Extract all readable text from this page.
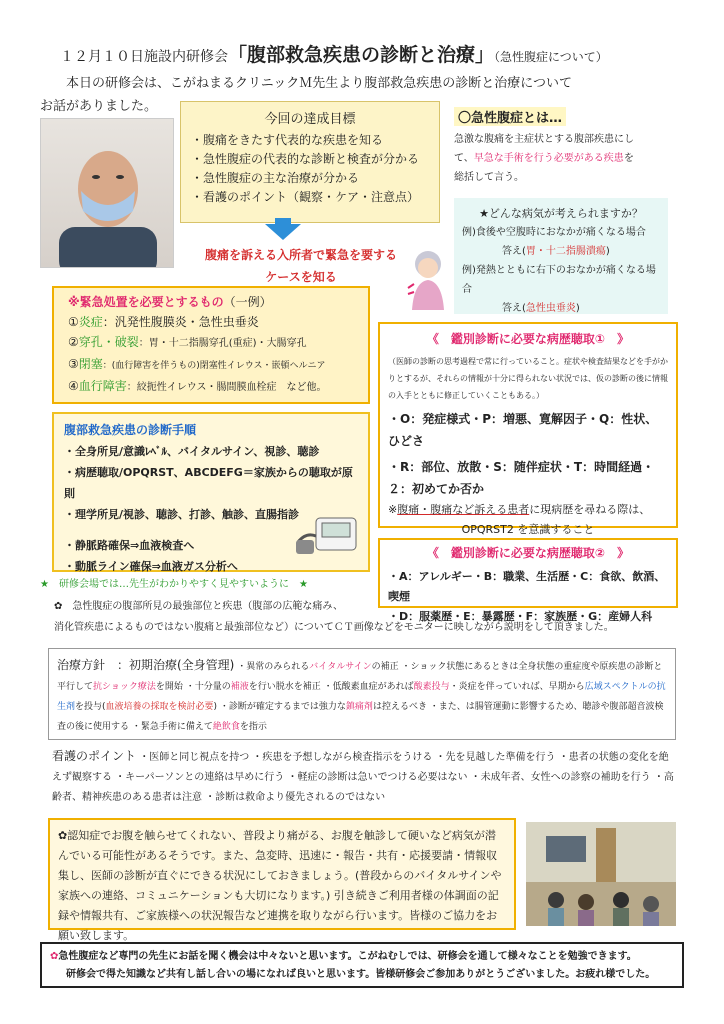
１２月１０日施設内研修会「腹部救急疾患の診断と治療」（急性腹症について）
本日の研修会は、こがねまるクリニックＭ先生より腹部救急疾患の診断と治療について
お話がありました。
今回の達成目標
・腹痛をきたす代表的な疾患を知る
・急性腹症の代表的な診断と検査が分かる
・急性腹症の主な治療が分かる
・看護のポイント（観察・ケア・注意点）
腹痛を訴える入所者で緊急を要する
ケースを知る
〇急性腹症とは…

急激な腹痛を主症状とする腹部疾患にし
て、早急な手術を行う必要がある疾患を
総括して言う。

★どんな病気が考えられますか？
例)食後や空腹時におなかが痛くなる場合
答え(胃・十二指腸潰瘍)
例)発熱とともに右下のおなかが痛くなる場合
答え(急性虫垂炎)
※緊急処置を必要とするもの（一例）
①炎症：汎発性腹膜炎・急性虫垂炎
②穿孔・破裂：胃・十二指腸穿孔(重症)・大腸穿孔
③閉塞：(血行障害を伴うもの)閉塞性イレウス・嵌頓ヘルニア
④血行障害：絞扼性イレウス・腸間膜血栓症　など他。
腹部救急疾患の診断手順
・全身所見/意識ﾚﾍﾞﾙ、バイタルサイン、視診、聴診
・病歴聴取/OPQRST、ABCDEFG＝家族からの聴取が原則
・理学所見/視診、聴診、打診、触診、直腸指診
・静脈路確保⇒血液検査へ
・動脈ライン確保⇒血液ガス分析へ
《　鑑別診断に必要な病歴聴取①　》
（医師の診断の思考過程で常に行っていること。症状や検査結果などを手がかりとするが、それらの情報が十分に得られない状況では、仮の診断の後に情報の入手とともに修正していくこともある。）
・O：発症様式・P：増悪、寛解因子・Q：性状、ひどさ
・R：部位、放散・S：随伴症状・T：時間経過・２：初めてか否か
※腹痛・腹痛など訴える患者に現病歴を尋ねる際は、
OPQRST2 を意識すること
《　鑑別診断に必要な病歴聴取②　》
・A：アレルギー・B：職業、生活歴・C：食欲、飲酒、喫煙
・D：服薬歴・E：暴露歴・F：家族歴・G：産婦人科
★　研修会場では…先生がわかりやすく見やすいように　★
✿　急性腹症の腹部所見の最強部位と疾患（腹部の広範な痛み、
消化管疾患によるものではない腹痛と最強部位など）についてＣＴ画像などをモニターに映しながら説明をして頂きました。
治療方針　：初期治療(全身管理) ・異常のみられるバイタルサインの補正 ・ショック状態にあるときは全身状態の重症度や原疾患の診断と平行して抗ショック療法を開始 ・十分量の補液を行い脱水を補正 ・低酸素血症があれば酸素投与・炎症を伴っていれば、早期から広域スペクトルの抗生剤を投与(血液培養の採取を検討必要) ・診断が確定するまでは強力な鎮痛剤は控えるべき ・また、は腸管運動に影響するため、聴診や腹部超音波検査の後に使用する ・緊急手術に備えて絶飲食を指示
看護のポイント ・医師と同じ視点を持つ ・疾患を予想しながら検査指示をうける ・先を見越した準備を行う ・患者の状態の変化を絶えず観察する ・キーパーソンとの連絡は早めに行う ・軽症の診断は急いでつける必要はない ・未成年者、女性への診察の補助を行う ・高齢者、精神疾患のある患者は注意 ・診断は救命より優先されるのではない
✿認知症でお腹を触らせてくれない、普段より痛がる、お腹を触診して硬いなど病気が潜んでいる可能性があるそうです。また、急変時、迅速に・報告・共有・応援要請・情報収集し、医師の診断が直ぐにできる状況にしておきましょう。(普段からのバイタルサインや家族への連絡、コミュニケーションも大切になります。) 引き続きご利用者様の体調面の記録や情報共有、ご家族様への状況報告など連携を取りながら行います。皆様のご協力をお願い致します。
✿急性腹症など専門の先生にお話を聞く機会は中々ないと思います。こがねむしでは、研修会を通して様々なことを勉強できます。
研修会で得た知識など共有し話し合いの場になれば良いと思います。皆様研修会ご参加ありがとうございました。お疲れ様でした。
